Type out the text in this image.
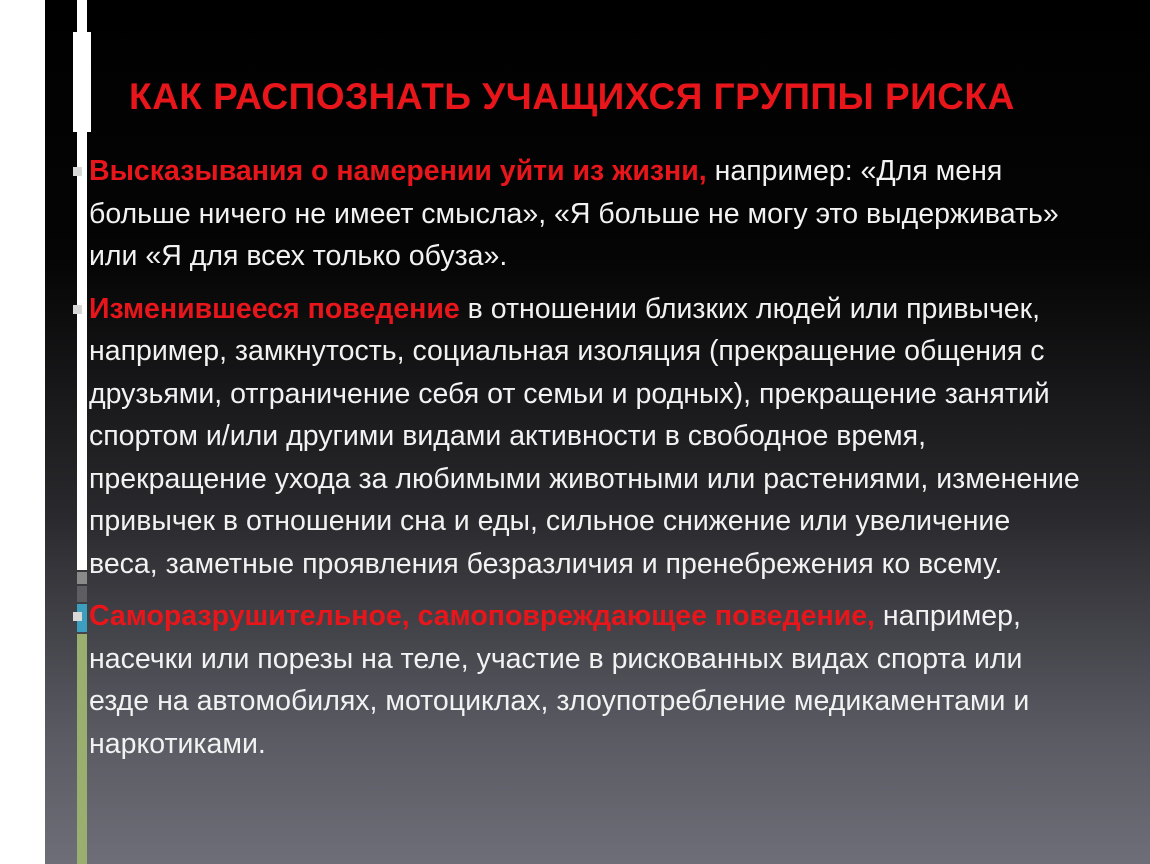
КАК РАСПОЗНАТЬ УЧАЩИХСЯ ГРУППЫ РИСКА
Высказывания о намерении уйти из жизни, например: «Для меня больше ничего не имеет смысла», «Я больше не могу это выдерживать» или «Я для всех только обуза».
Изменившееся поведение в отношении близких людей или привычек, например, замкнутость, социальная изоляция (прекращение общения с друзьями, отграничение себя от семьи и родных), прекращение занятий спортом и/или другими видами активности в свободное время, прекращение ухода за любимыми животными или растениями, изменение привычек в отношении сна и еды, сильное снижение или увеличение веса, заметные проявления безразличия и пренебрежения ко всему.
Саморазрушительное, самоповреждающее поведение, например, насечки или порезы на теле, участие в рискованных видах спорта или езде на автомобилях, мотоциклах, злоупотребление медикаментами и наркотиками.
